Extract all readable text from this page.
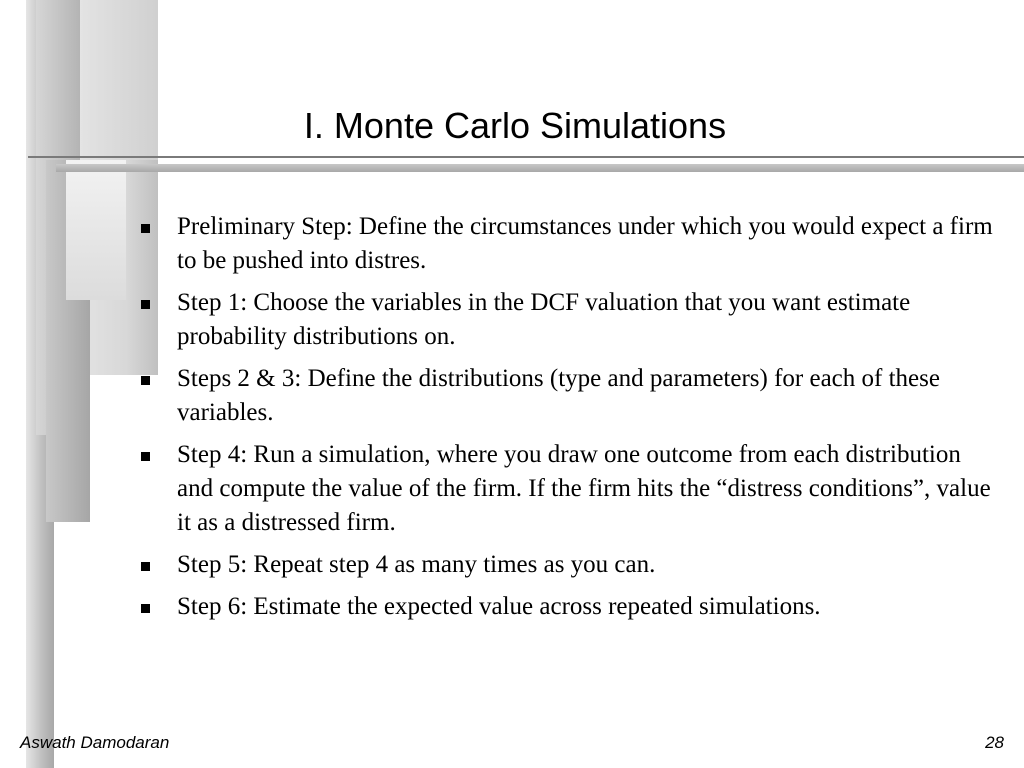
I. Monte Carlo Simulations
Preliminary Step: Define the circumstances under which you would expect a firm to be pushed into distres.
Step 1: Choose the variables in the DCF valuation that you want estimate probability distributions on.
Steps 2 & 3: Define the distributions (type and parameters) for each of these variables.
Step 4: Run a simulation, where you draw one outcome from each distribution and compute the value of the firm. If the firm hits the “distress conditions”, value it as a distressed firm.
Step 5: Repeat step 4 as many times as you can.
Step 6: Estimate the expected value across repeated simulations.
Aswath Damodaran	28
